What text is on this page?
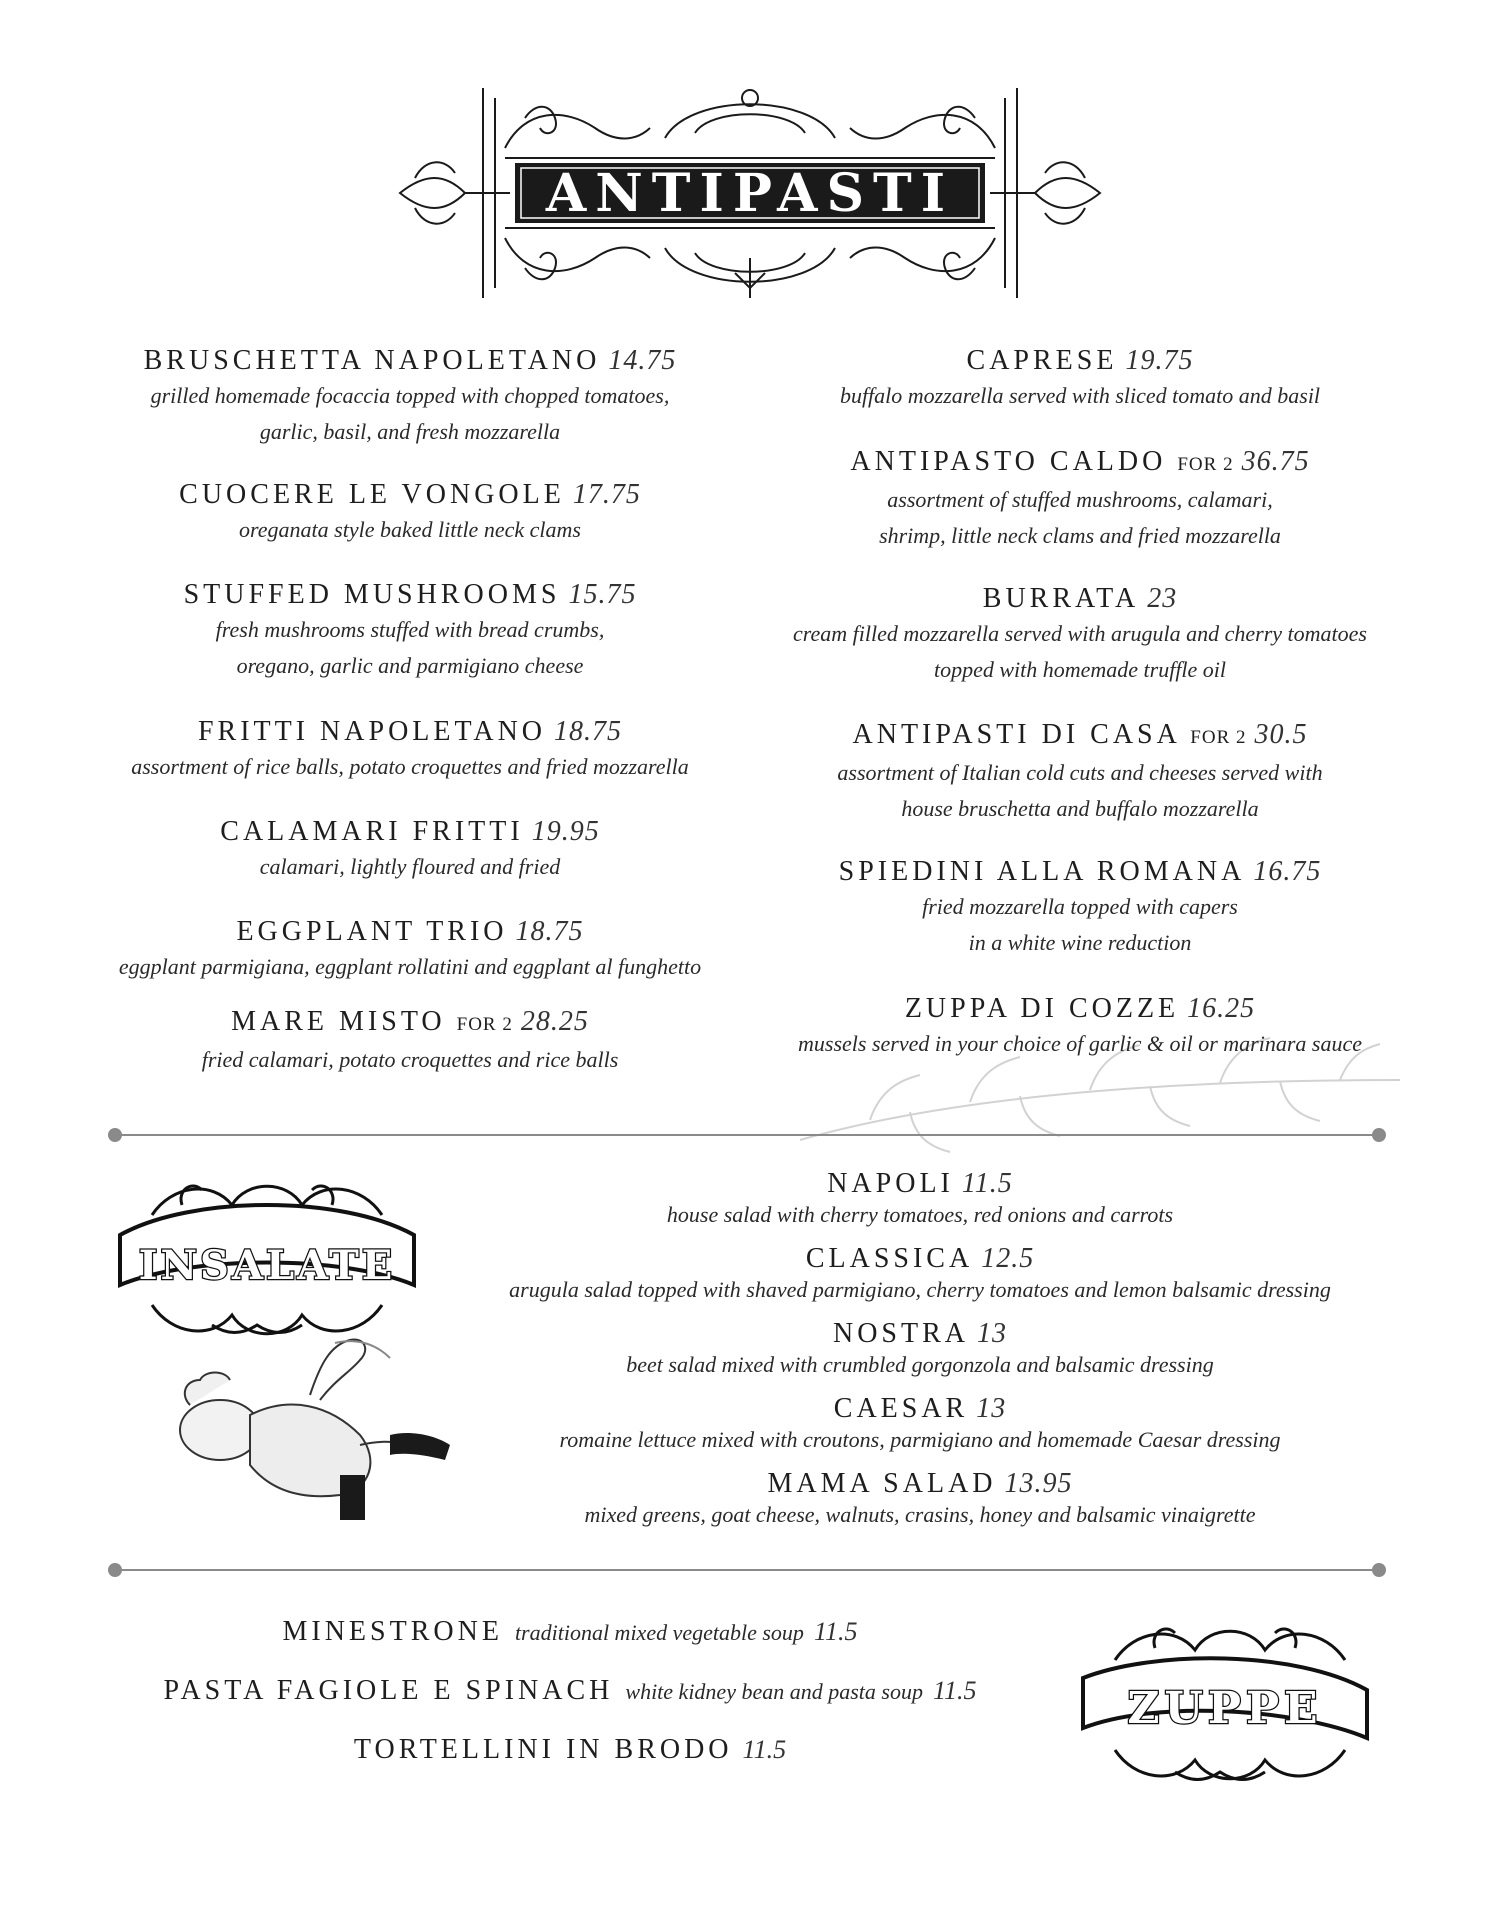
ANTIPASTI
BRUSCHETTA NAPOLETANO 14.75
grilled homemade focaccia topped with chopped tomatoes,
garlic, basil, and fresh mozzarella
CUOCERE LE VONGOLE 17.75
oreganata style baked little neck clams
STUFFED MUSHROOMS 15.75
fresh mushrooms stuffed with bread crumbs,
oregano, garlic and parmigiano cheese
FRITTI NAPOLETANO 18.75
assortment of rice balls, potato croquettes and fried mozzarella
CALAMARI FRITTI 19.95
calamari, lightly floured and fried
EGGPLANT TRIO 18.75
eggplant parmigiana, eggplant rollatini and eggplant al funghetto
MARE MISTO FOR 2 28.25
fried calamari, potato croquettes and rice balls
CAPRESE 19.75
buffalo mozzarella served with sliced tomato and basil
ANTIPASTO CALDO FOR 2 36.75
assortment of stuffed mushrooms, calamari,
shrimp, little neck clams and fried mozzarella
BURRATA 23
cream filled mozzarella served with arugula and cherry tomatoes
topped with homemade truffle oil
ANTIPASTI DI CASA FOR 2 30.5
assortment of Italian cold cuts and cheeses served with
house bruschetta and buffalo mozzarella
SPIEDINI ALLA ROMANA 16.75
fried mozzarella topped with capers
in a white wine reduction
ZUPPA DI COZZE 16.25
mussels served in your choice of garlic & oil or marinara sauce
INSALATE
NAPOLI 11.5
house salad with cherry tomatoes, red onions and carrots
CLASSICA 12.5
arugula salad topped with shaved parmigiano, cherry tomatoes and lemon balsamic dressing
NOSTRA 13
beet salad mixed with crumbled gorgonzola and balsamic dressing
CAESAR 13
romaine lettuce mixed with croutons, parmigiano and homemade Caesar dressing
MAMA SALAD 13.95
mixed greens, goat cheese, walnuts, crasins, honey and balsamic vinaigrette
MINESTRONE traditional mixed vegetable soup 11.5
PASTA FAGIOLE E SPINACH white kidney bean and pasta soup 11.5
TORTELLINI IN BRODO 11.5
ZUPPE
